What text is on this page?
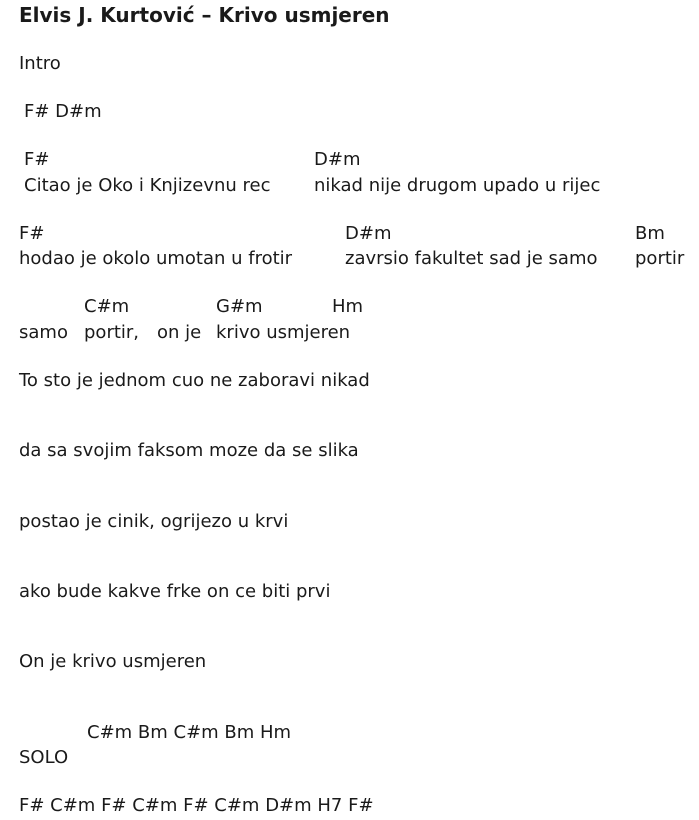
Elvis J. Kurtović – Krivo usmjeren
Intro
F# D#m
F#	D#m
Citao je Oko i Knjizevnu rec nikad nije drugom upado u rijec
F#	D#m	Bm
hodao je okolo umotan u frotir	zavrsio fakultet sad je samo portir
C#m	G#m	Hm
samo portir, on je krivo usmjeren
To sto je jednom cuo ne zaboravi nikad
da sa svojim faksom moze da se slika
postao je cinik, ogrijezo u krvi
ako bude kakve frke on ce biti prvi
On je krivo usmjeren
C#m Bm C#m Bm Hm
SOLO
F# C#m F# C#m F# C#m D#m H7 F#
